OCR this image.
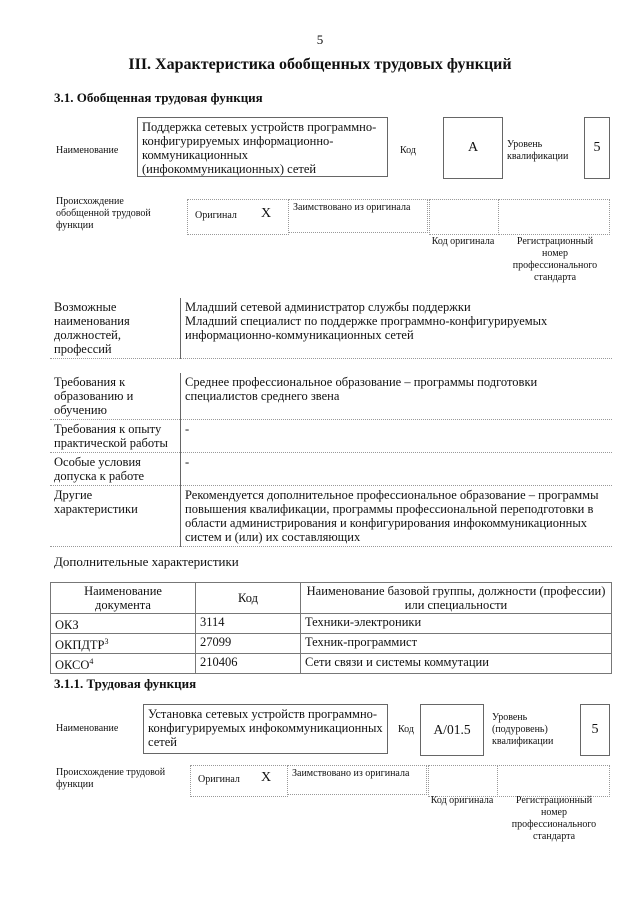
5
III. Характеристика обобщенных трудовых функций
3.1. Обобщенная трудовая функция
Наименование
Поддержка сетевых устройств программно-конфигурируемых информационно-коммуникационных (инфокоммуникационных) сетей
Код	A	Уровень квалификации
5
Происхождение обобщенной трудовой функции
Оригинал X	Заимствовано из оригинала
Код оригинала	Регистрационный номер профессионального стандарта
Возможные наименования должностей, профессий	
Младший сетевой администратор службы поддержки
Младший специалист по поддержке программно-конфигурируемых информационно-коммуникационных сетей
Требования к образованию и обучению	Среднее профессиональное образование – программы подготовки специалистов среднего звена
Требования к опыту практической работы	-
Особые условия допуска к работе	-
Другие характеристики	Рекомендуется дополнительное профессиональное образование – программы повышения квалификации, программы профессиональной переподготовки в области администрирования и конфигурирования инфокоммуникационных систем и (или) их составляющих
Дополнительные характеристики
Наименование документа	Код	Наименование базовой группы, должности (профессии) или специальности
ОКЗ	3114	Техники-электроники
ОКПДТР$^3$	27099	Техник-программист
ОКСО$^4$	210406	Сети связи и системы коммутации
3.1.1. Трудовая функция
Наименование
Установка сетевых устройств программно-конфигурируемых инфокоммуникационных сетей
Код	A/01.5
Уровень (подуровень) квалификации
5
Происхождение трудовой функции	Оригинал X	Заимствовано из оригинала
Код оригинала	Регистрационный номер профессионального стандарта
